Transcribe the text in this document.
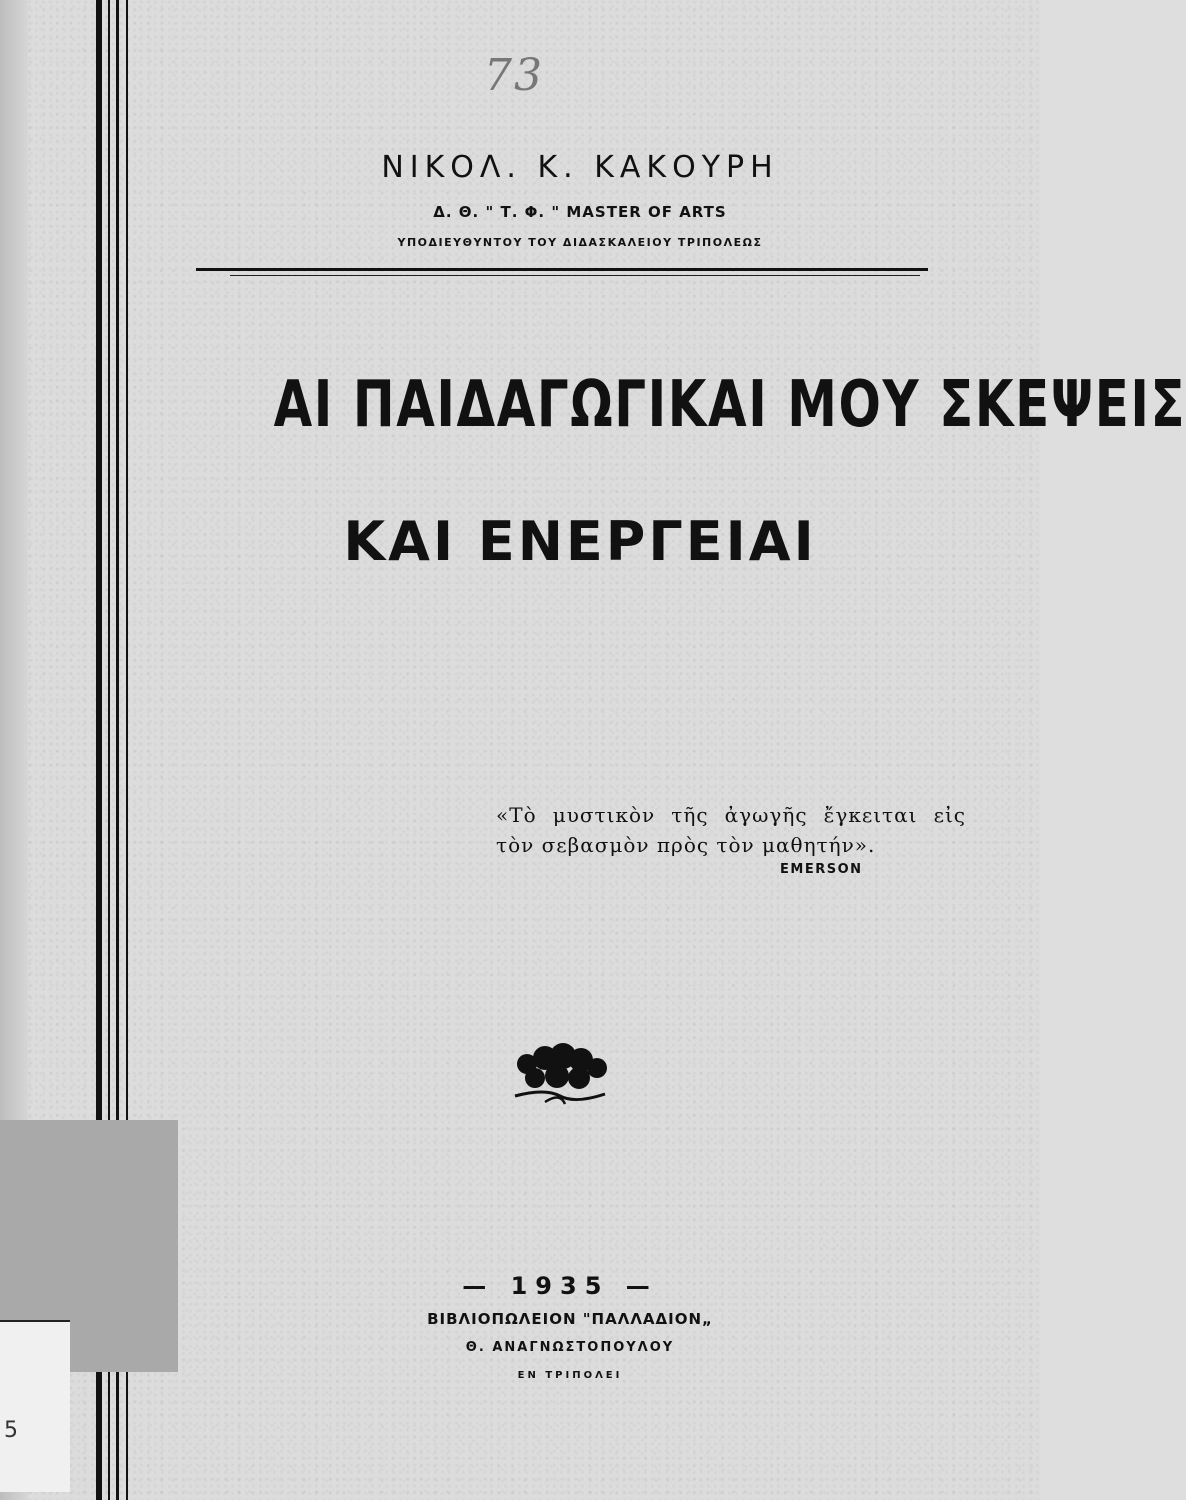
5
73
ΝΙΚΟΛ. Κ. ΚΑΚΟΥΡΗ
Δ. Θ. " Τ. Φ. " MASTER OF ARTS
ΥΠΟΔΙΕΥΘΥΝΤΟΥ ΤΟΥ ΔΙΔΑΣΚΑΛΕΙΟΥ ΤΡΙΠΟΛΕΩΣ
ΑΙ ΠΑΙΔΑΓΩΓΙΚΑΙ ΜΟΥ ΣΚΕΨΕΙΣ
ΚΑΙ ΕΝΕΡΓΕΙΑΙ
«Τὸ μυστικὸν τῆς ἀγωγῆς ἔγκειται εἰς τὸν σεβασμὸν πρὸς τὸν μαθητήν».
EMERSON
— 1935 —
ΒΙΒΛΙΟΠΩΛΕΙΟΝ "ΠΑΛΛΑΔΙΟΝ„
Θ. ΑΝΑΓΝΩΣΤΟΠΟΥΛΟΥ
ΕΝ ΤΡΙΠΟΛΕΙ
